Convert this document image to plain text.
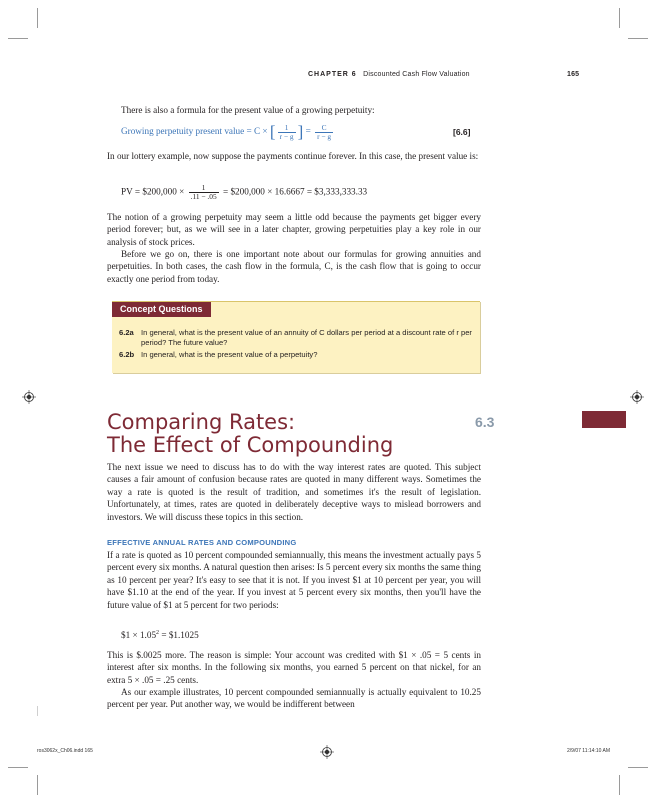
CHAPTER 6 Discounted Cash Flow Valuation	165
There is also a formula for the present value of a growing perpetuity:
Growing perpetuity present value = C × [ $\frac{1}{r - g}$ ] = $\frac{C}{r - g}$	[6.6]
In our lottery example, now suppose the payments continue forever. In this case, the present value is:
PV = $200,000 × $\frac{1}{.11 - .05}$ = $200,000 × 16.6667 = $3,333,333.33
The notion of a growing perpetuity may seem a little odd because the payments get bigger every period forever; but, as we will see in a later chapter, growing perpetuities play a key role in our analysis of stock prices.
Before we go on, there is one important note about our formulas for growing annuities and perpetuities. In both cases, the cash flow in the formula, C, is the cash flow that is going to occur exactly one period from today.
Concept Questions
6.2a In general, what is the present value of an annuity of C dollars per period at a discount rate of r per period? The future value?
6.2b In general, what is the present value of a perpetuity?
Comparing Rates:
The Effect of Compounding
6.3
The next issue we need to discuss has to do with the way interest rates are quoted. This subject causes a fair amount of confusion because rates are quoted in many different ways. Sometimes the way a rate is quoted is the result of tradition, and sometimes it's the result of legislation. Unfortunately, at times, rates are quoted in deliberately deceptive ways to mislead borrowers and investors. We will discuss these topics in this section.
EFFECTIVE ANNUAL RATES AND COMPOUNDING
If a rate is quoted as 10 percent compounded semiannually, this means the investment actually pays 5 percent every six months. A natural question then arises: Is 5 percent every six months the same thing as 10 percent per year? It's easy to see that it is not. If you invest $1 at 10 percent per year, you will have $1.10 at the end of the year. If you invest at 5 percent every six months, then you'll have the future value of $1 at 5 percent for two periods:
$1 × $1.05^2$ = $1.1025
This is $.0025 more. The reason is simple: Your account was credited with $1 × .05 = 5 cents in interest after six months. In the following six months, you earned 5 percent on that nickel, for an extra 5 × .05 = .25 cents.
As our example illustrates, 10 percent compounded semiannually is actually equivalent to 10.25 percent per year. Put another way, we would be indifferent between
ros3062x_Ch06.indd 165	2/9/07 11:14:10 AM
